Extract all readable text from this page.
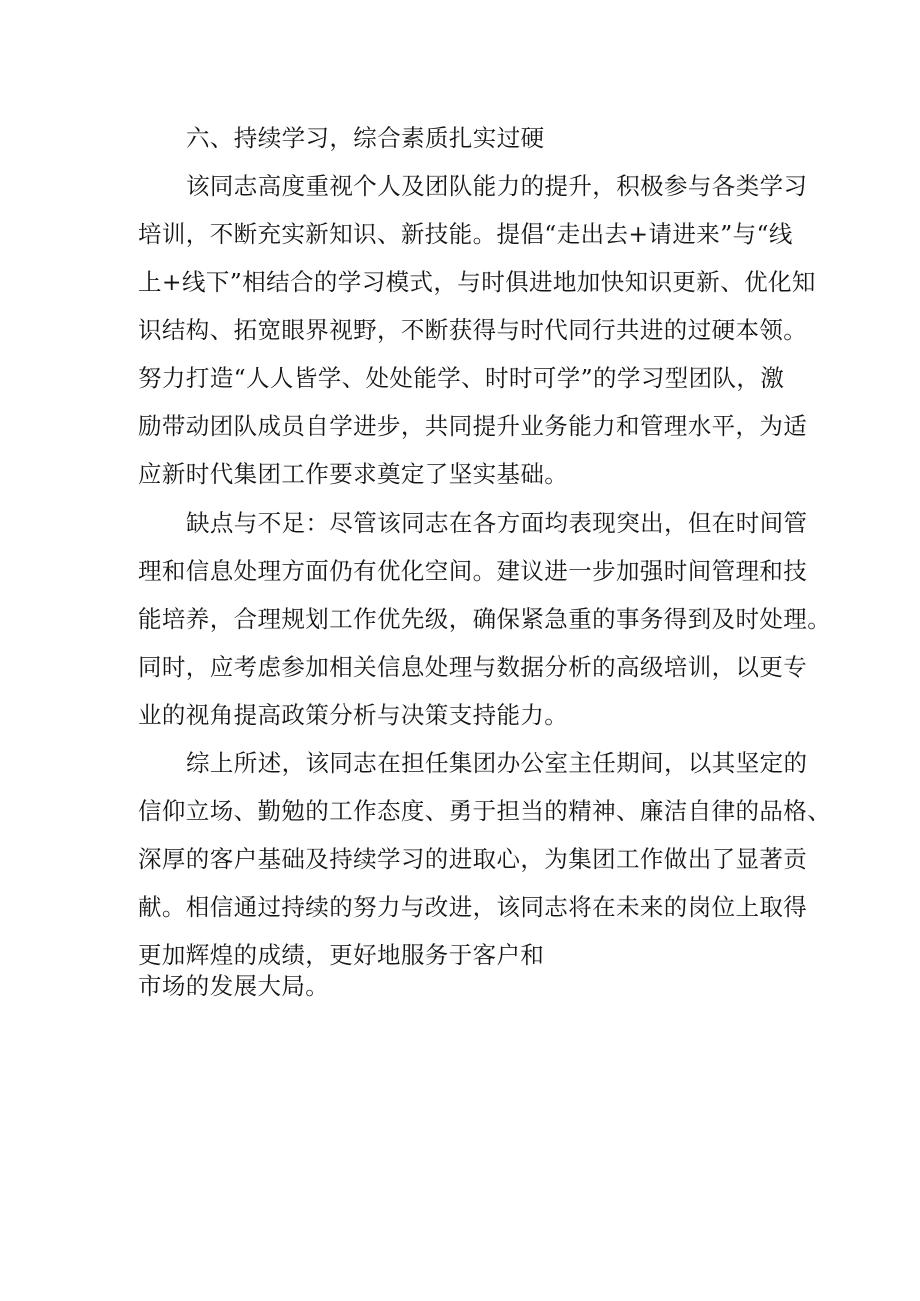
六、持续学习，综合素质扎实过硬
该同志高度重视个人及团队能力的提升，积极参与各类学习
培训，不断充实新知识、新技能。提倡“走出去+请进来”与“线
上+线下”相结合的学习模式，与时俱进地加快知识更新、优化知
识结构、拓宽眼界视野，不断获得与时代同行共进的过硬本领。
努力打造“人人皆学、处处能学、时时可学”的学习型团队，激
励带动团队成员自学进步，共同提升业务能力和管理水平，为适
应新时代集团工作要求奠定了坚实基础。
缺点与不足：尽管该同志在各方面均表现突出，但在时间管
理和信息处理方面仍有优化空间。建议进一步加强时间管理和技
能培养，合理规划工作优先级，确保紧急重的事务得到及时处理。
同时，应考虑参加相关信息处理与数据分析的高级培训，以更专
业的视角提高政策分析与决策支持能力。
综上所述，该同志在担任集团办公室主任期间，以其坚定的
信仰立场、勤勉的工作态度、勇于担当的精神、廉洁自律的品格、
深厚的客户基础及持续学习的进取心，为集团工作做出了显著贡
献。相信通过持续的努力与改进，该同志将在未来的岗位上取得
更加辉煌的成绩，更好地服务于客户和
市场的发展大局。
